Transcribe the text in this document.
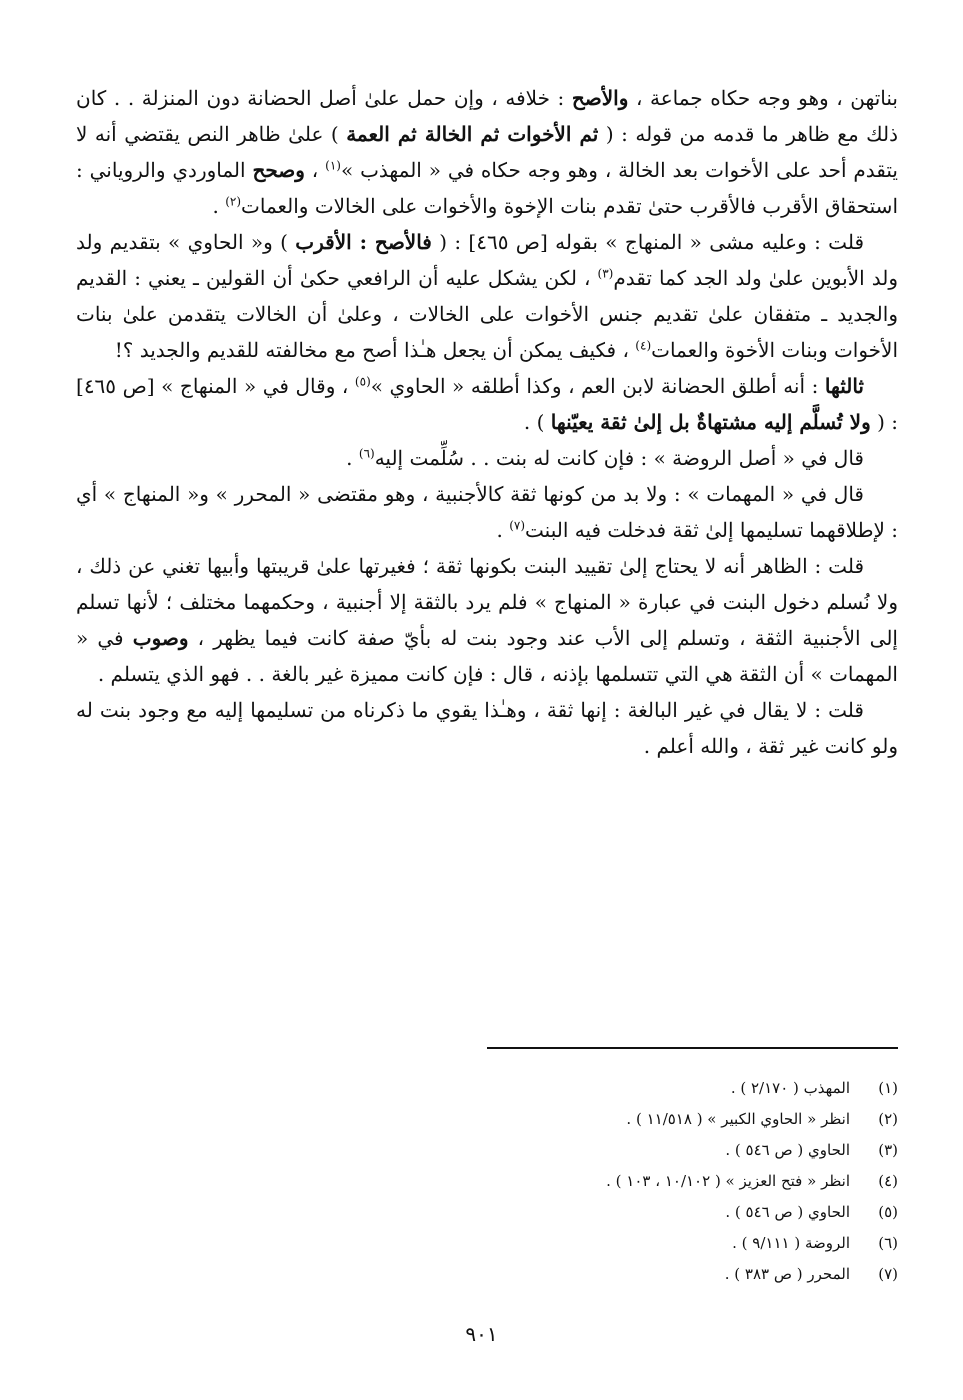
بناتهن ، وهو وجه حكاه جماعة ، والأصح : خلافه ، وإن حمل علىٰ أصل الحضانة دون المنزلة . . كان ذلك مع ظاهر ما قدمه من قوله : ( ثم الأخوات ثم الخالة ثم العمة ) علىٰ ظاهر النص يقتضي أنه لا يتقدم أحد على الأخوات بعد الخالة ، وهو وجه حكاه في « المهذب »$^{(١)}$ ، وصحح الماوردي والروياني : استحقاق الأقرب فالأقرب حتىٰ تقدم بنات الإخوة والأخوات على الخالات والعمات$^{(٢)}$ .

قلت : وعليه مشى « المنهاج » بقوله [ص ٤٦٥] : ( فالأصح : الأقرب ) و« الحاوي » بتقديم ولد ولد الأبوين علىٰ ولد الجد كما تقدم$^{(٣)}$ ، لكن يشكل عليه أن الرافعي حكىٰ أن القولين ـ يعني : القديم والجديد ـ متفقان علىٰ تقديم جنس الأخوات على الخالات ، وعلىٰ أن الخالات يتقدمن علىٰ بنات الأخوات وبنات الأخوة والعمات$^{(٤)}$ ، فكيف يمكن أن يجعل هـٰذا أصح مع مخالفته للقديم والجديد ؟!

ثالثها : أنه أطلق الحضانة لابن العم ، وكذا أطلقه « الحاوي »$^{(٥)}$ ، وقال في « المنهاج » [ص ٤٦٥] : ( ولا تُسلَّم إليه مشتهاةٌ بل إلىٰ ثقة يعيّنها ) .

قال في « أصل الروضة » : فإن كانت له بنت . . سُلِّمت إليه$^{(٦)}$ .

قال في « المهمات » : ولا بد من كونها ثقة كالأجنبية ، وهو مقتضى « المحرر » و« المنهاج » أي : لإطلاقهما تسليمها إلىٰ ثقة فدخلت فيه البنت$^{(٧)}$ .

قلت : الظاهر أنه لا يحتاج إلىٰ تقييد البنت بكونها ثقة ؛ فغيرتها علىٰ قريبتها وأبيها تغني عن ذلك ، ولا نُسلم دخول البنت في عبارة « المنهاج » فلم يرد بالثقة إلا أجنبية ، وحكمهما مختلف ؛ لأنها تسلم إلى الأجنبية الثقة ، وتسلم إلى الأب عند وجود بنت له بأيّ صفة كانت فيما يظهر ، وصوب في « المهمات » أن الثقة هي التي تتسلمها بإذنه ، قال : فإن كانت مميزة غير بالغة . . فهو الذي يتسلم .

قلت : لا يقال في غير البالغة : إنها ثقة ، وهـٰذا يقوي ما ذكرناه من تسليمها إليه مع وجود بنت له ولو كانت غير ثقة ، والله أعلم .

(١)
المهذب ( ٢/١٧٠ ) .
(٢)
انظر « الحاوي الكبير » ( ١١/٥١٨ ) .
(٣)
الحاوي ( ص ٥٤٦ ) .
(٤)
انظر « فتح العزيز » ( ١٠/١٠٢ ، ١٠٣ ) .
(٥)
الحاوي ( ص ٥٤٦ ) .
(٦)
الروضة ( ٩/١١١ ) .
(٧)
المحرر ( ص ٣٨٣ ) .
٩٠١
